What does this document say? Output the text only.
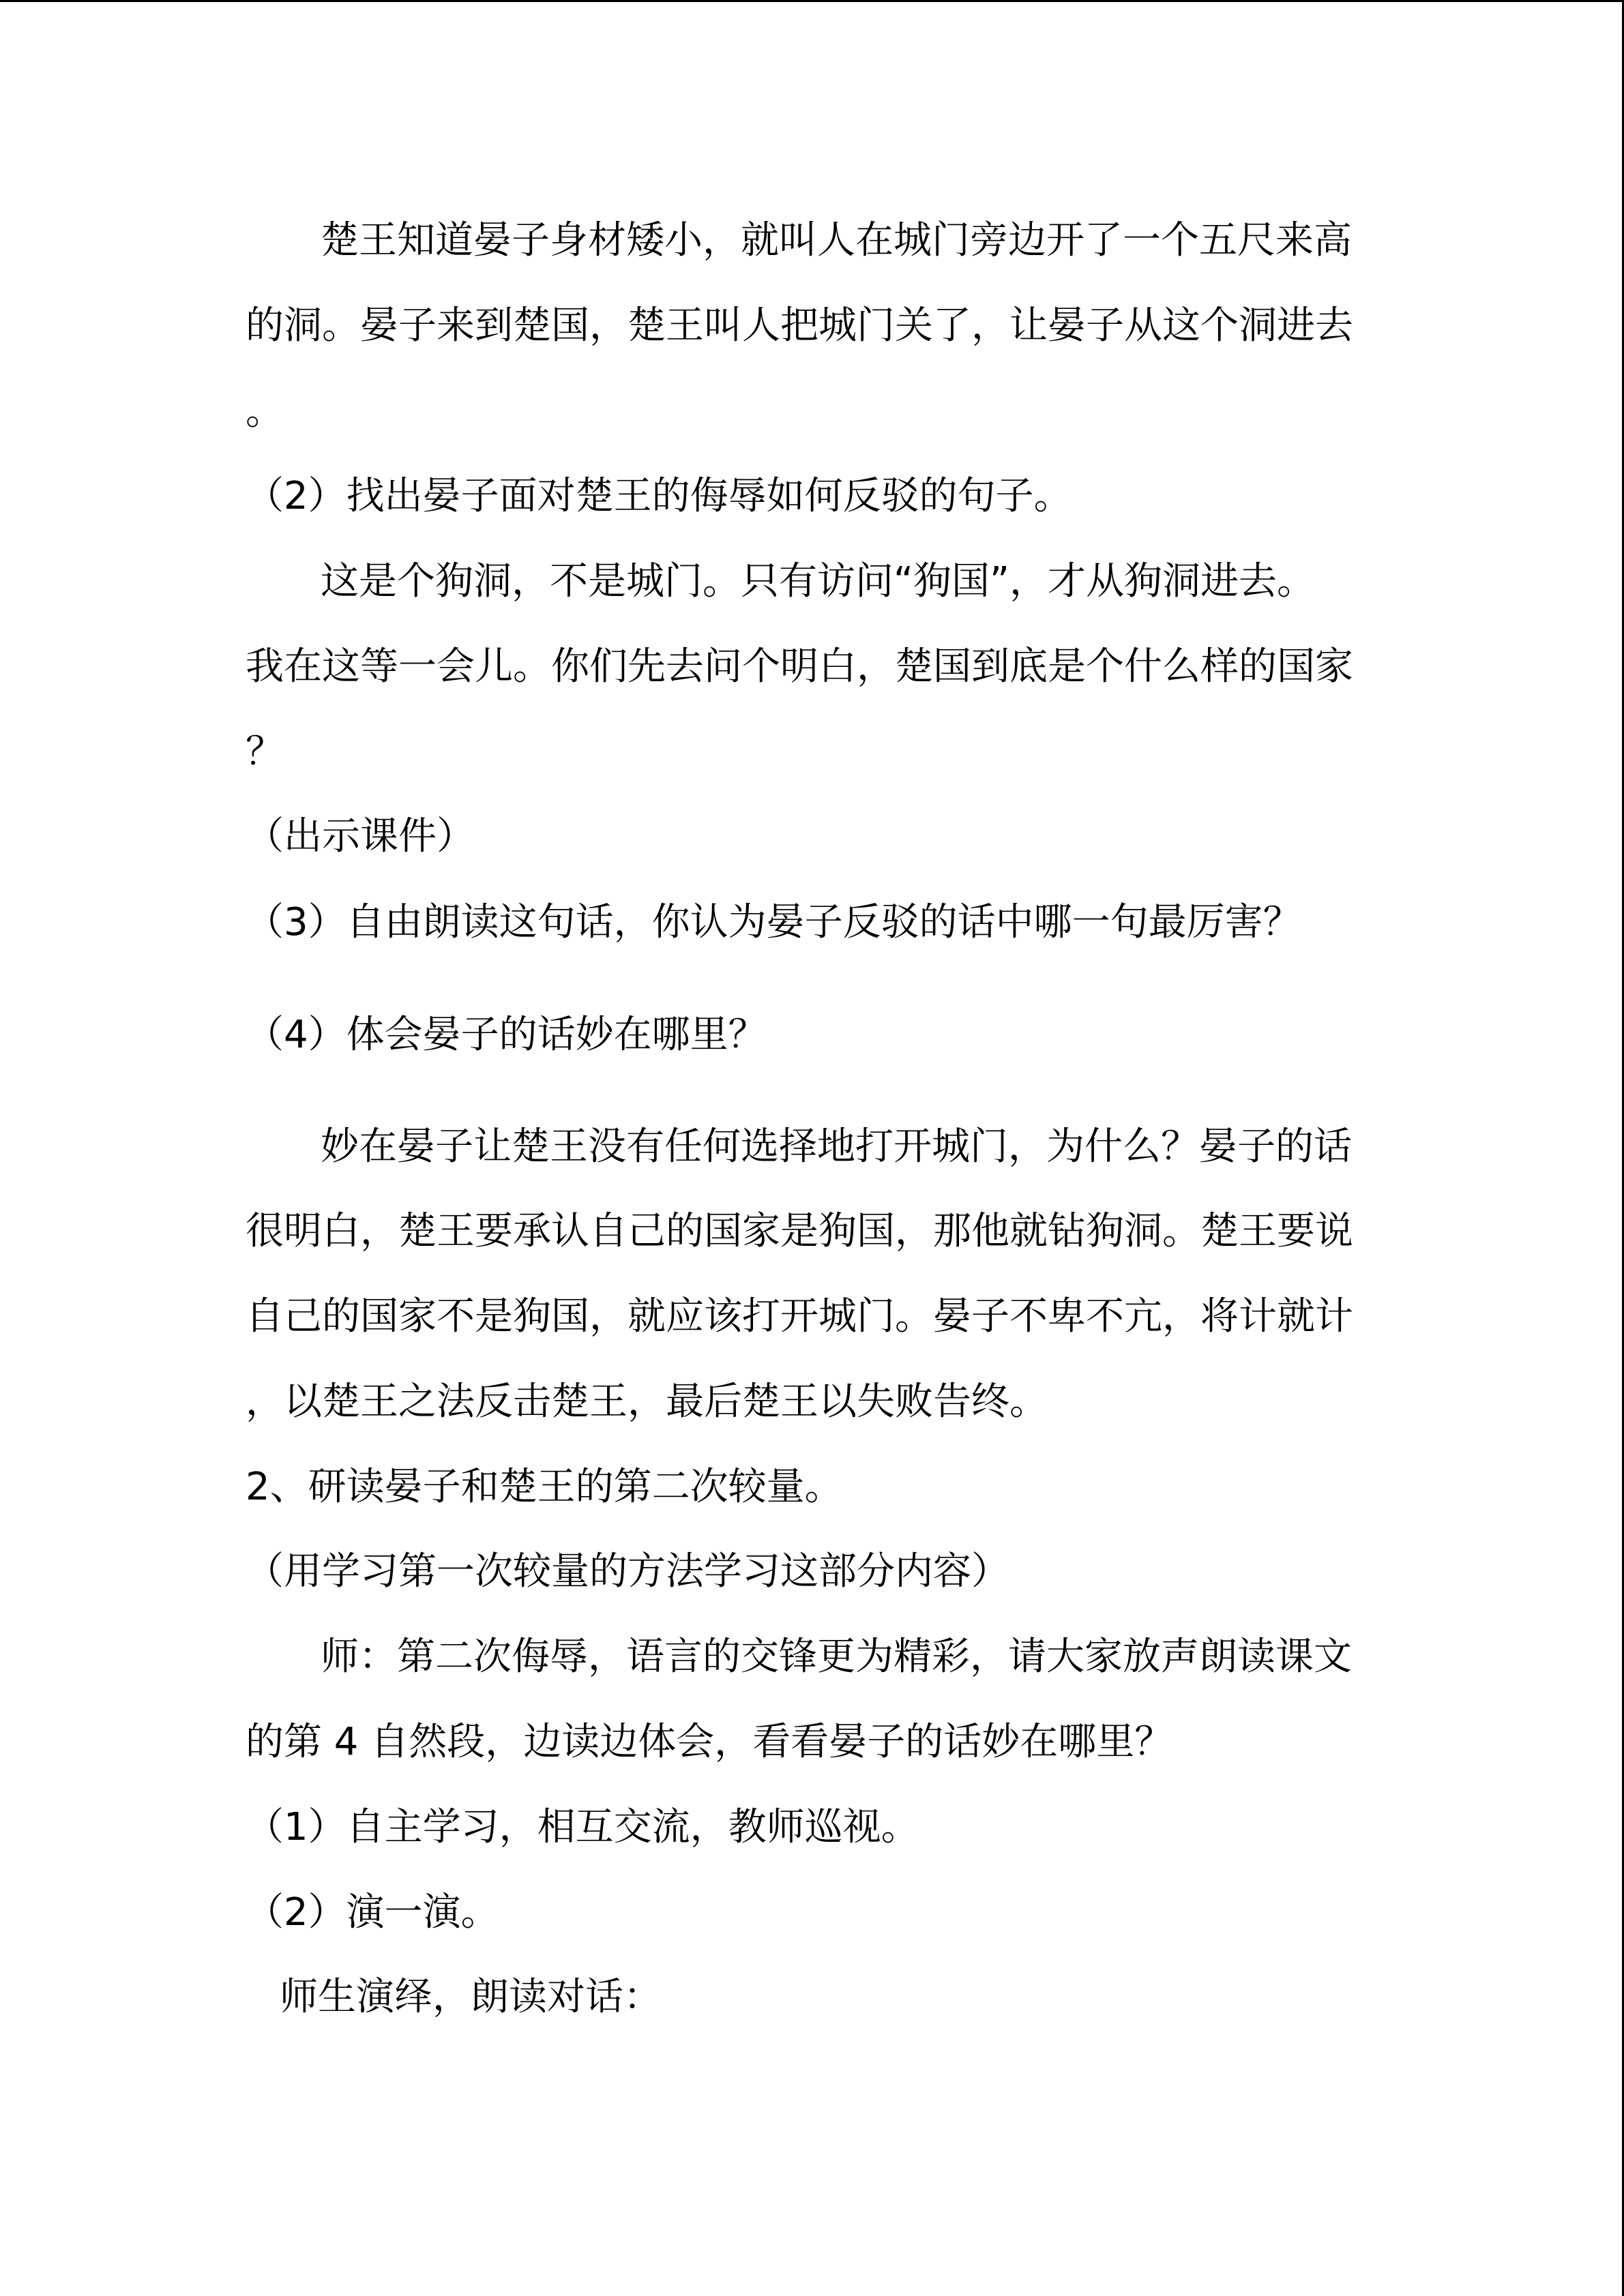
楚王知道晏子身材矮小，就叫人在城门旁边开了一个五尺来高
的洞。晏子来到楚国，楚王叫人把城门关了，让晏子从这个洞进去
。
（2）找出晏子面对楚王的侮辱如何反驳的句子。
这是个狗洞，不是城门。只有访问“狗国”，才从狗洞进去。
我在这等一会儿。你们先去问个明白，楚国到底是个什么样的国家
？
（出示课件）
（3）自由朗读这句话，你认为晏子反驳的话中哪一句最厉害？
（4）体会晏子的话妙在哪里？
妙在晏子让楚王没有任何选择地打开城门，为什么？晏子的话
很明白，楚王要承认自己的国家是狗国，那他就钻狗洞。楚王要说
自己的国家不是狗国，就应该打开城门。晏子不卑不亢，将计就计
，以楚王之法反击楚王，最后楚王以失败告终。
2、研读晏子和楚王的第二次较量。
（用学习第一次较量的方法学习这部分内容）
师：第二次侮辱，语言的交锋更为精彩，请大家放声朗读课文
的第 4 自然段，边读边体会，看看晏子的话妙在哪里？
（1）自主学习，相互交流，教师巡视。
（2）演一演。
师生演绎，朗读对话：
